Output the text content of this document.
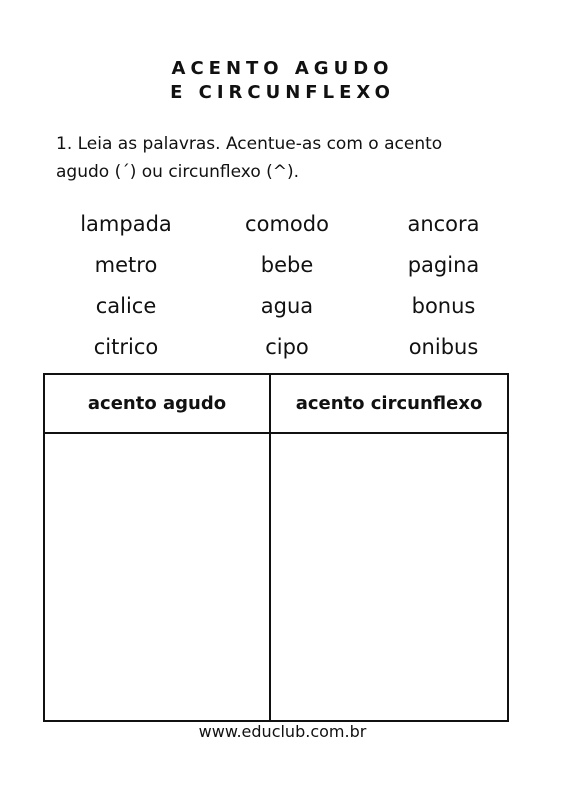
ACENTO AGUDO
E CIRCUNFLEXO
1. Leia as palavras. Acentue-as com o acento
agudo (´) ou circunflexo (^).
lampada	comodo	ancora
metro	bebe	pagina
calice	agua	bonus
citrico	cipo	onibus
acento agudo	acento circunflexo
www.educlub.com.br
